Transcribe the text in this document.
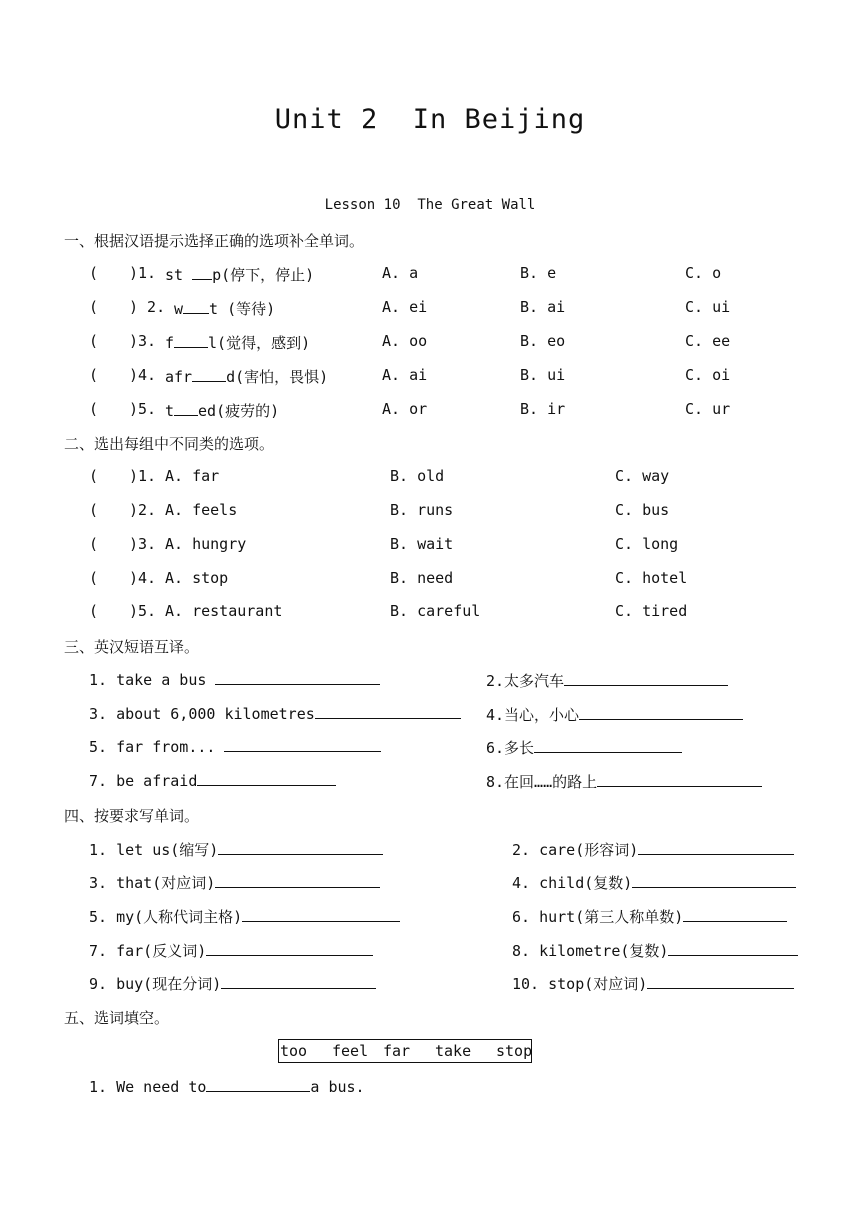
Unit 2  In Beijing
Lesson 10  The Great Wall
一、根据汉语提示选择正确的选项补全单词。
( )1. st p(停下，停止)	A. a	B. e	C. o
( ) 2. w t (等待)	A. ei	B. ai	C. ui
( )3. f l(觉得，感到)	A. oo	B. eo	C. ee
( )4. afr d(害怕，畏惧)	A. ai	B. ui	C. oi
( )5. t ed(疲劳的)	A. or	B. ir	C. ur
二、选出每组中不同类的选项。
( )1. A. far	B. old	C. way
( )2. A. feels	B. runs	C. bus
( )3. A. hungry	B. wait	C. long
( )4. A. stop	B. need	C. hotel
( )5. A. restaurant	B. careful	C. tired
三、英汉短语互译。
1. take a bus	2.太多汽车
3. about 6,000 kilometres	4.当心，小心
5. far from...	6.多长
7. be afraid	8.在回……的路上
四、按要求写单词。
1. let us(缩写)	2. care(形容词)
3. that(对应词)	4. child(复数)
5. my(人称代词主格)	6. hurt(第三人称单数)
7. far(反义词)	8. kilometre(复数)
9. buy(现在分词)	10. stop(对应词)
五、选词填空。
too feel far take stop
1. We need to	a bus.
